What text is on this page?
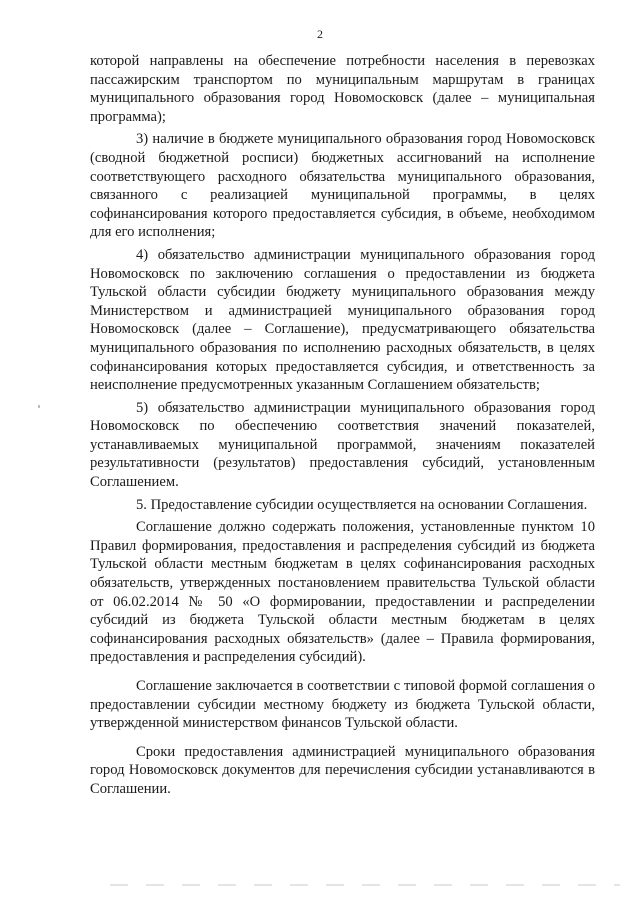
2

которой направлены на обеспечение потребности населения в перевозках пассажирским транспортом по муниципальным маршрутам в границах муниципального образования город Новомосковск (далее – муниципальная программа);

3) наличие в бюджете муниципального образования город Новомосковск (сводной бюджетной росписи) бюджетных ассигнований на исполнение соответствующего расходного обязательства муниципального образования, связанного с реализацией муниципальной программы, в целях софинансирования которого предоставляется субсидия, в объеме, необходимом для его исполнения;

4) обязательство администрации муниципального образования город Новомосковск по заключению соглашения о предоставлении из бюджета Тульской области субсидии бюджету муниципального образования между Министерством и администрацией муниципального образования город Новомосковск (далее – Соглашение), предусматривающего обязательства муниципального образования по исполнению расходных обязательств, в целях софинансирования которых предоставляется субсидия, и ответственность за неисполнение предусмотренных указанным Соглашением обязательств;

5) обязательство администрации муниципального образования город Новомосковск по обеспечению соответствия значений показателей, устанавливаемых муниципальной программой, значениям показателей результативности (результатов) предоставления субсидий, установленным Соглашением.

5. Предоставление субсидии осуществляется на основании Соглашения.

Соглашение должно содержать положения, установленные пунктом 10 Правил формирования, предоставления и распределения субсидий из бюджета Тульской области местным бюджетам в целях софинансирования расходных обязательств, утвержденных постановлением правительства Тульской области от 06.02.2014 № 50 «О формировании, предоставлении и распределении субсидий из бюджета Тульской области местным бюджетам в целях софинансирования расходных обязательств» (далее – Правила формирования, предоставления и распределения субсидий).

Соглашение заключается в соответствии с типовой формой соглашения о предоставлении субсидии местному бюджету из бюджета Тульской области, утвержденной министерством финансов Тульской области.

Сроки предоставления администрацией муниципального образования город Новомосковск документов для перечисления субсидии устанавливаются в Соглашении.
